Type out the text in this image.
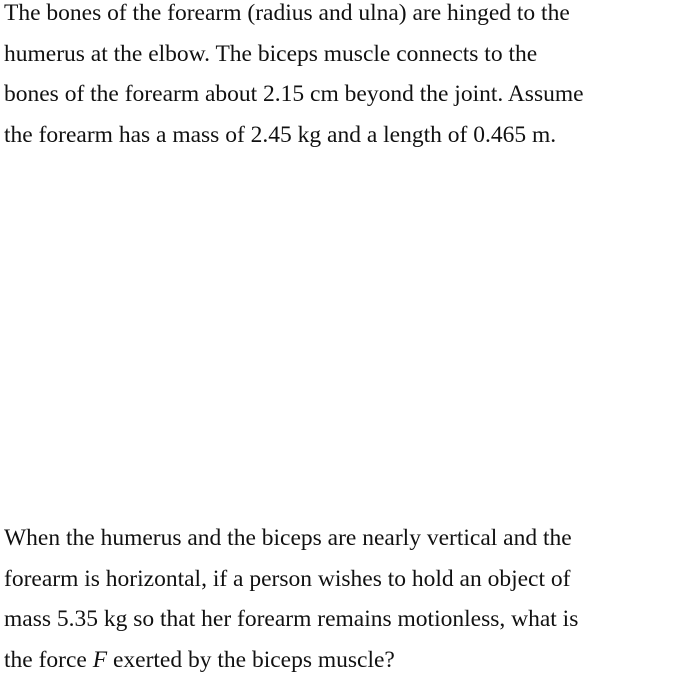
The bones of the forearm (radius and ulna) are hinged to the
humerus at the elbow. The biceps muscle connects to the
bones of the forearm about 2.15 cm beyond the joint. Assume
the forearm has a mass of 2.45 kg and a length of 0.465 m.
When the humerus and the biceps are nearly vertical and the
forearm is horizontal, if a person wishes to hold an object of
mass 5.35 kg so that her forearm remains motionless, what is
the force F exerted by the biceps muscle?
